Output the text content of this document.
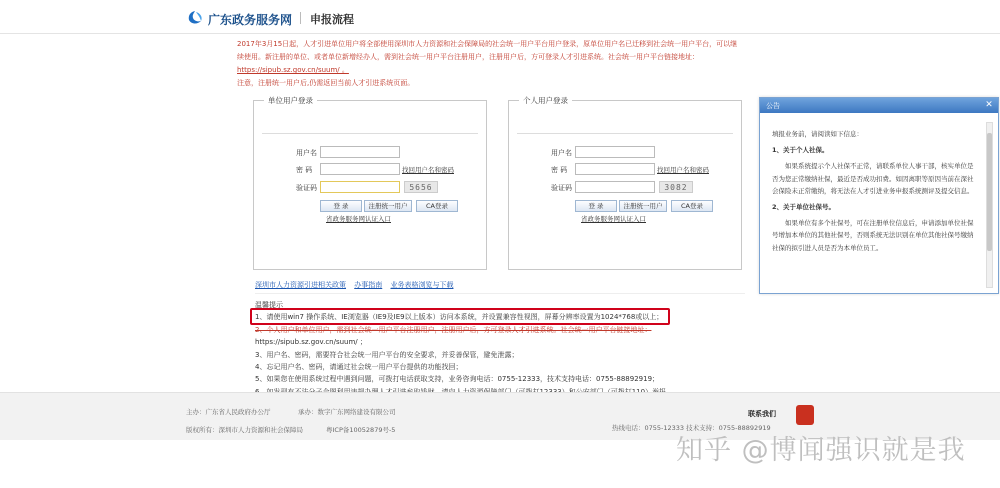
广东政务服务网 申报流程

2017年3月15日起，人才引进单位用户将全部使用深圳市人力资源和社会保障局的社会统一用户平台用户登录，原单位用户名已迁移到社会统一用户平台，可以继

续使用。新注册的单位、或者单位新增经办人，需到社会统一用户平台注册用户，注册用户后，方可登录人才引进系统。社会统一用户平台链接地址：

https://sipub.sz.gov.cn/suum/ 。

注意，注册统一用户后,仍需返回当前人才引进系统页面。

单位用户登录
用户名
密 码	找回用户名和密码
验证码	5656
登 录	注册统一用户	CA登录
省政务服务网认证入口
个人用户登录
用户名
密 码	找回用户名和密码
验证码	3082
登 录	注册统一用户	CA登录
省政务服务网认证入口
深圳市人力资源引进相关政策 办事指南 业务表格浏览与下载

温馨提示

1、请使用win7 操作系统、IE浏览器（IE9及IE9以上版本）访问本系统，并设置兼容性视图，屏幕分辨率设置为1024*768或以上；

2、个人用户和单位用户，需到社会统一用户平台注册用户，注册用户后，方可登录人才引进系统。社会统一用户平台链接地址：

https://sipub.sz.gov.cn/suum/ ；

3、用户名、密码，需要符合社会统一用户平台的安全要求，并妥善保管，避免泄露；

4、忘记用户名、密码，请通过社会统一用户平台提供的功能找回；

5、如果您在使用系统过程中遇到问题，可拨打电话获取支持，业务咨询电话：0755-12333，技术支持电话：0755-88892919；

主办：广东省人民政府办公厅	承办：数字广东网络建设有限公司
版权所有：深圳市人力资源和社会保障局	粤ICP备10052879号-5
联系我们
热线电话：0755-12333 技术支持：0755-88892919
知乎 @博闻强识就是我
公告	✕

填报业务前，请阅读如下信息：

1、关于个人社保。

如果系统提示个人社保不正常，请联系单位人事干部，核实单位是否为您正常缴纳社保，最近是否成功扣费。如因离职等原因当前在深社会保险未正常缴纳，将无法在人才引进业务申报系统测评及提交信息。

2、关于单位社保号。

如果单位有多个社保号，可在注册单位信息后，申请添加单位社保号增加本单位的其他社保号，否则系统无法识别在单位其他社保号缴纳社保的拟引进人员是否为本单位员工。
